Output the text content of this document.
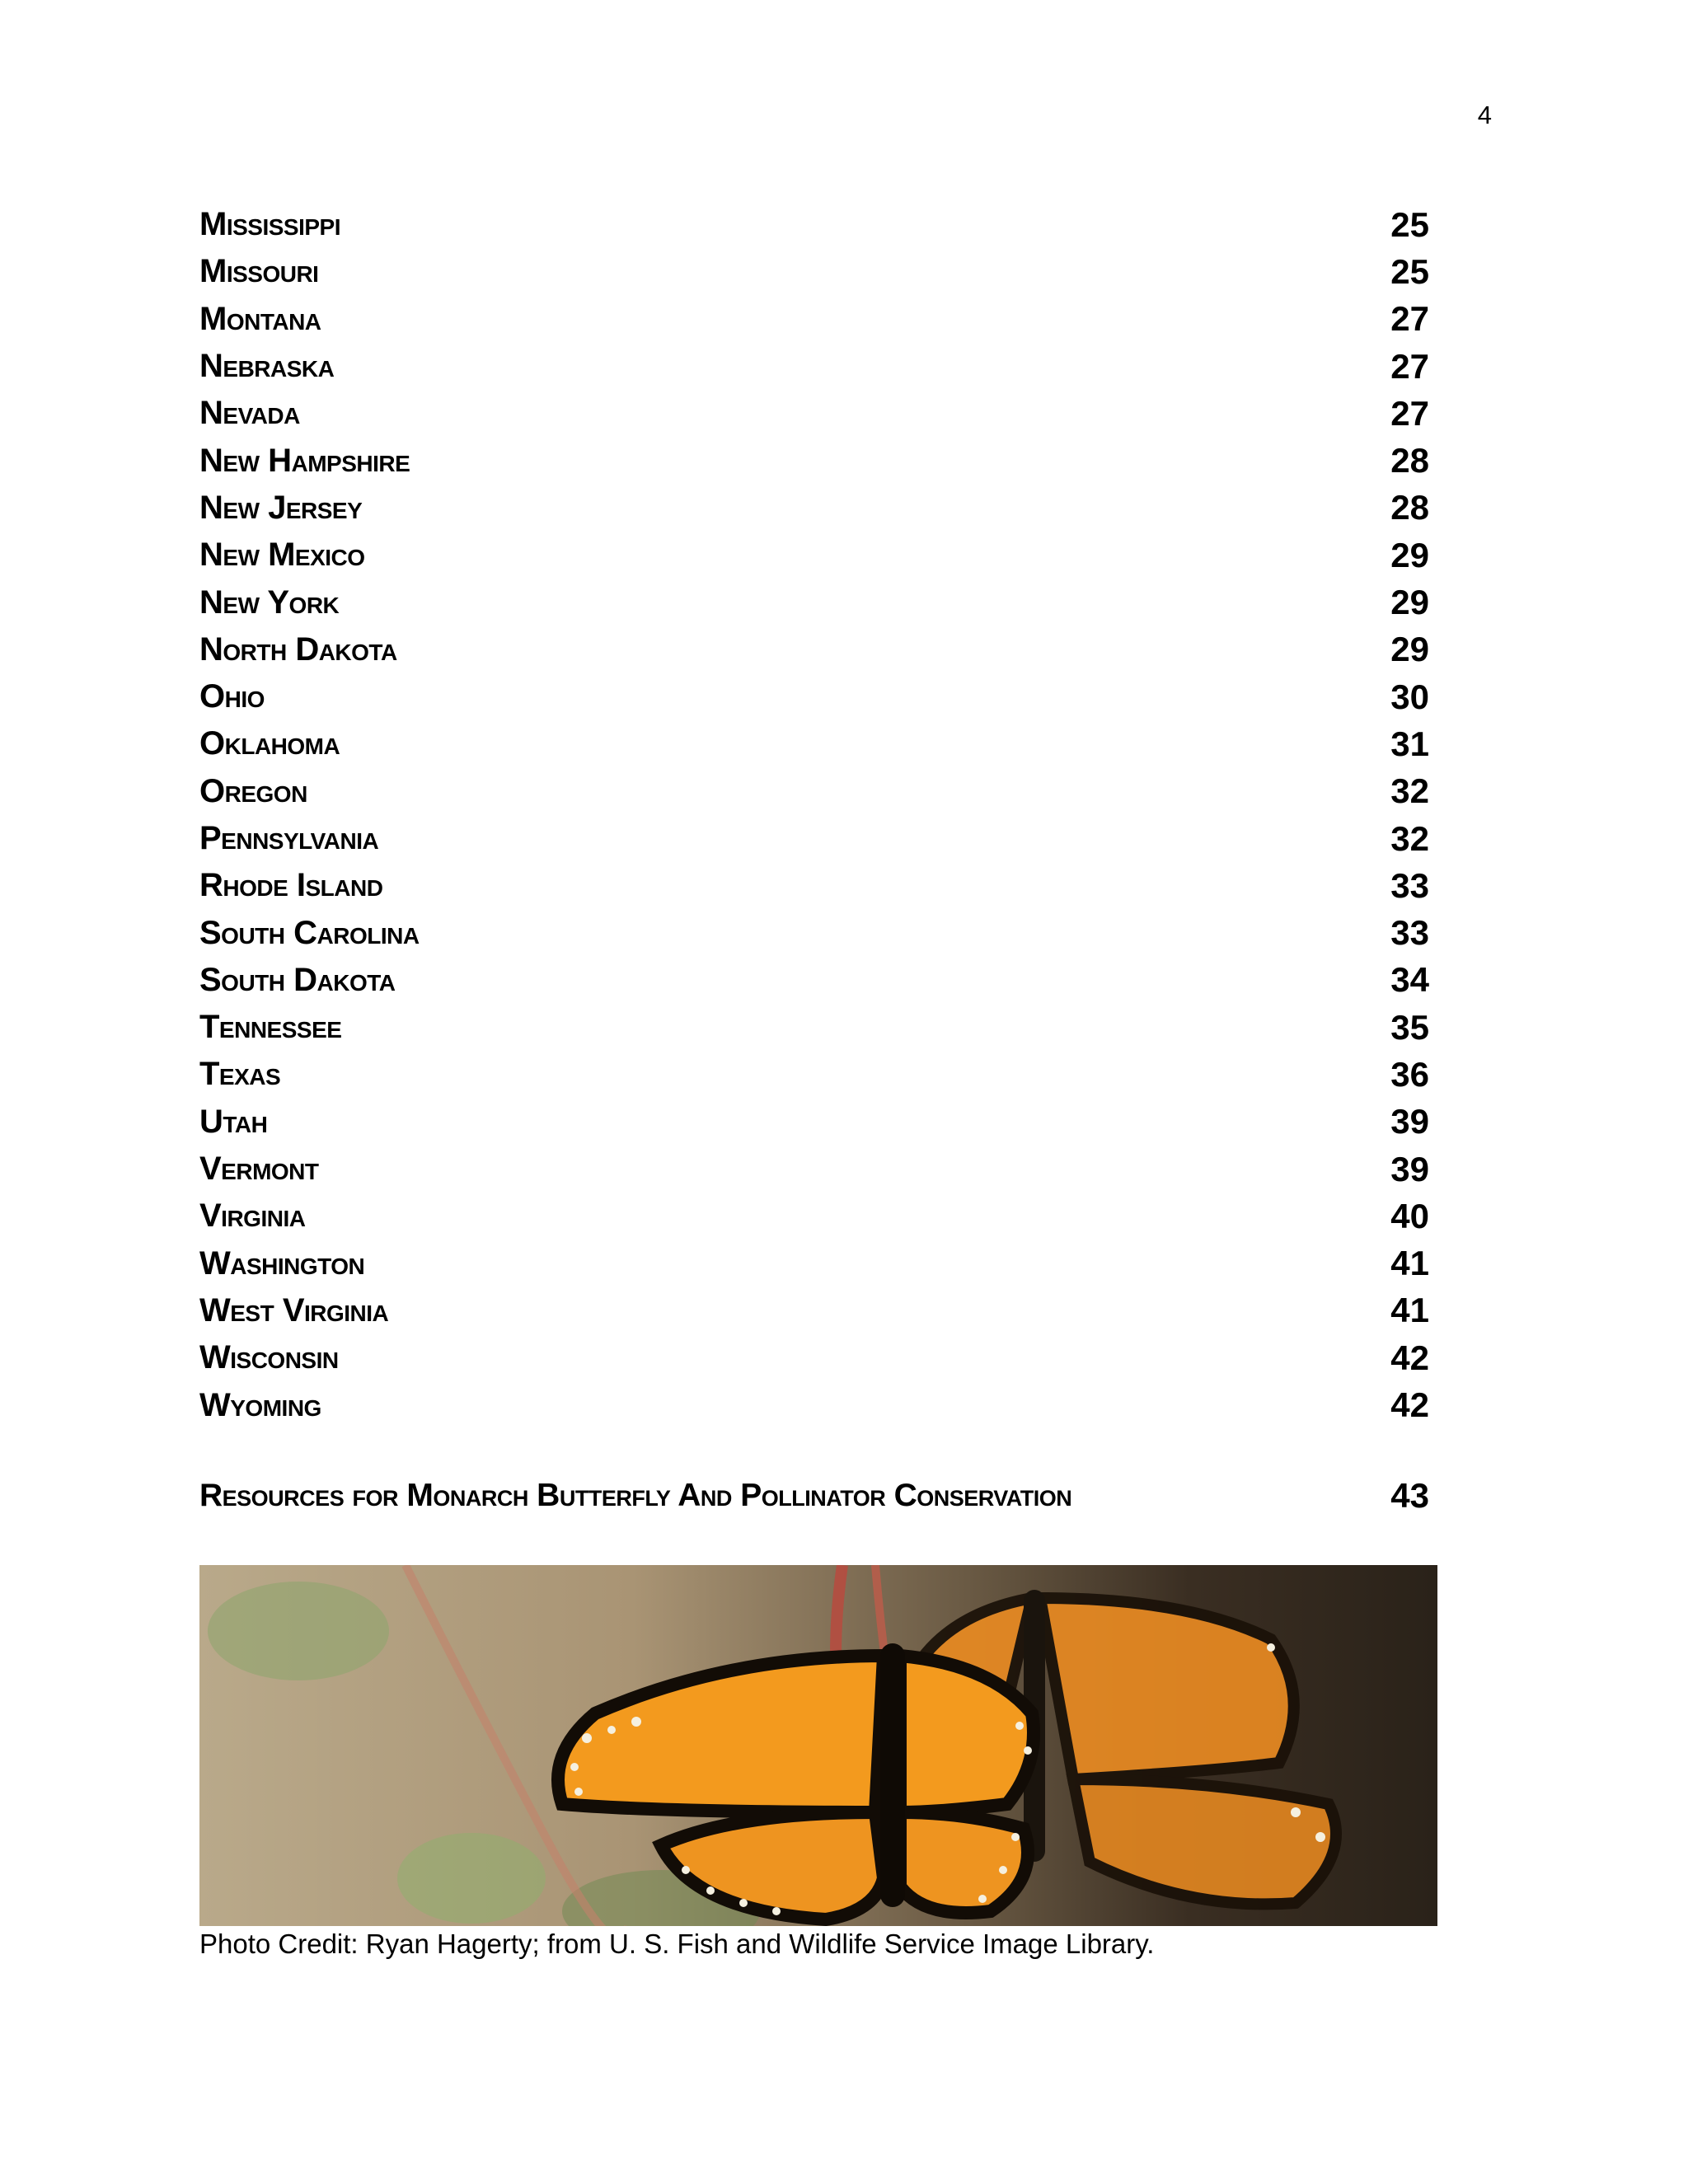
4
Mississippi	25
Missouri	25
Montana	27
Nebraska	27
Nevada	27
New Hampshire	28
New Jersey	28
New Mexico	29
New York	29
North Dakota	29
Ohio	30
Oklahoma	31
Oregon	32
Pennsylvania	32
Rhode Island	33
South Carolina	33
South Dakota	34
Tennessee	35
Texas	36
Utah	39
Vermont	39
Virginia	40
Washington	41
West Virginia	41
Wisconsin	42
Wyoming	42
Resources for Monarch Butterfly And Pollinator Conservation	43
Photo Credit: Ryan Hagerty; from U. S. Fish and Wildlife Service Image Library.
